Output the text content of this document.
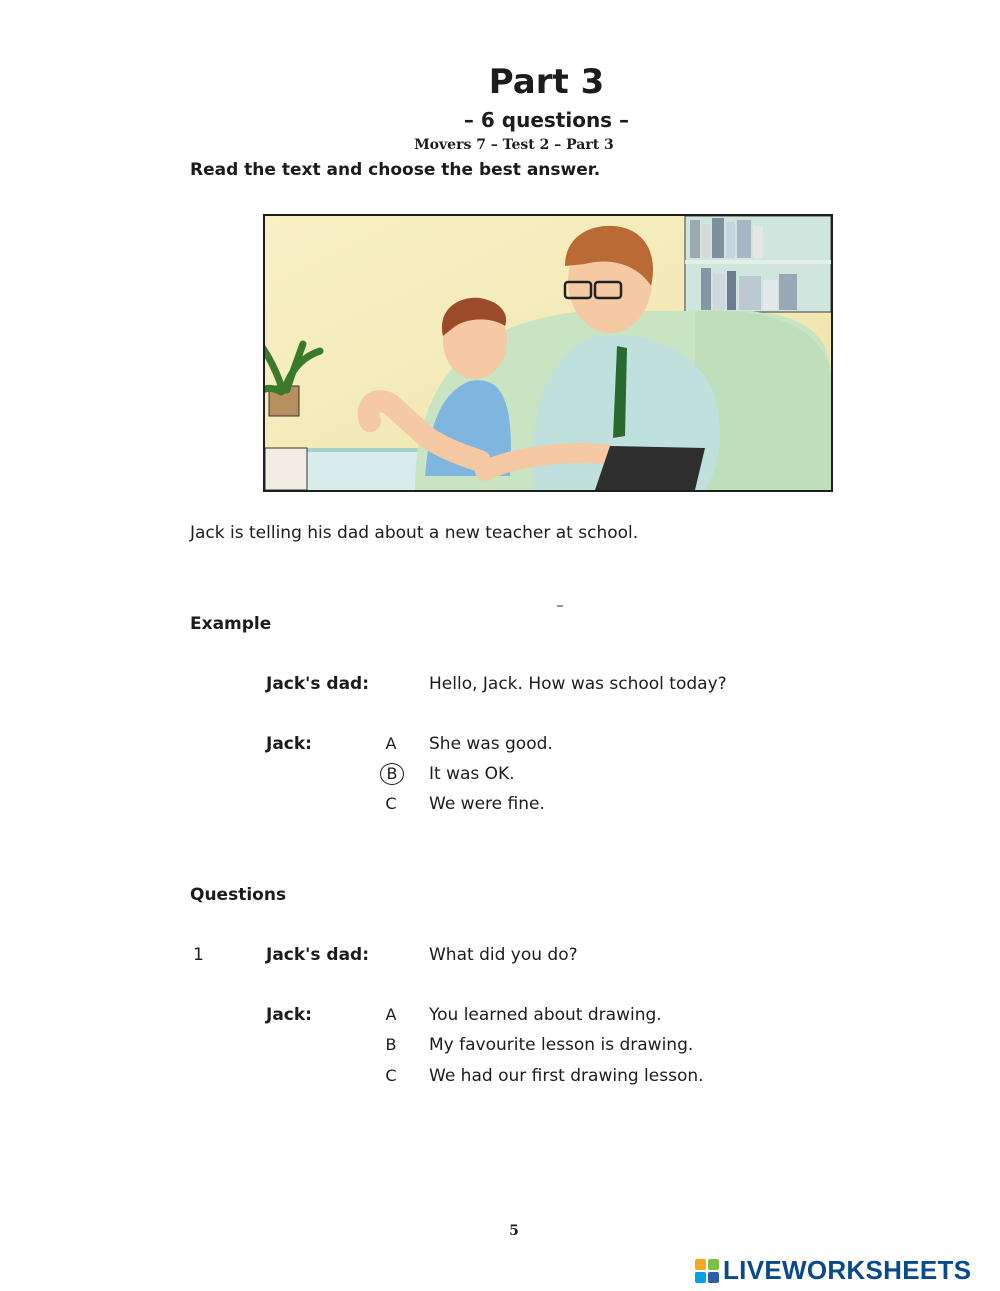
Part 3
– 6 questions –
Movers 7 – Test 2 – Part 3
Read the text and choose the best answer.
Jack is telling his dad about a new teacher at school.
Example
Jack's dad:	Hello, Jack. How was school today?
Jack:	A	She was good.
B	It was OK.
C	We were fine.
Questions
1	Jack's dad:	What did you do?
Jack:	A	You learned about drawing.
B	My favourite lesson is drawing.
C	We had our first drawing lesson.
5
LIVEWORKSHEETS
